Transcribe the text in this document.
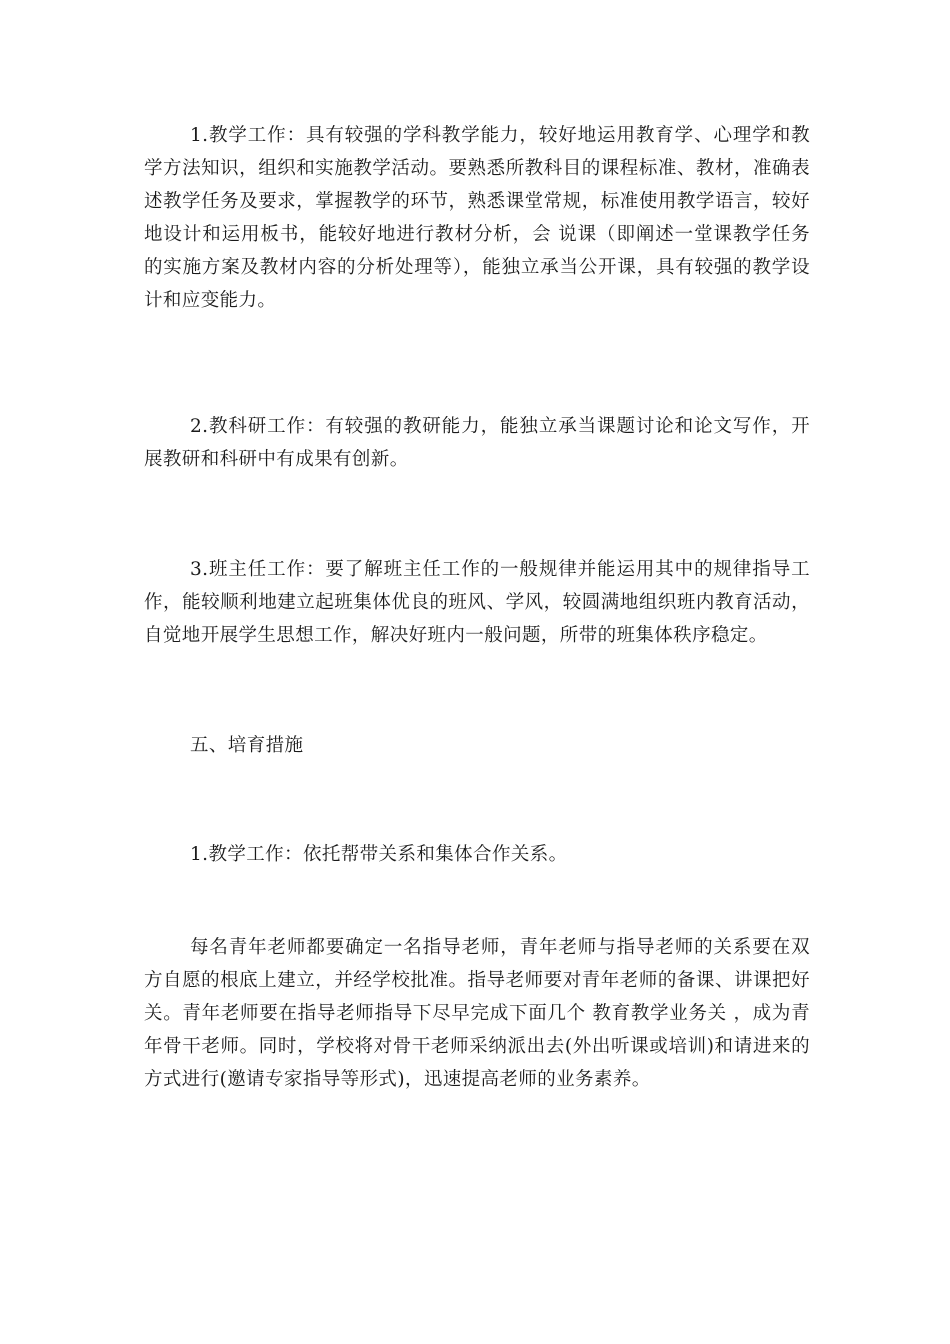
1.教学工作：具有较强的学科教学能力，较好地运用教育学、心理学和教学方法知识，组织和实施教学活动。要熟悉所教科目的课程标准、教材，准确表述教学任务及要求，掌握教学的环节，熟悉课堂常规，标准使用教学语言，较好地设计和运用板书，能较好地进行教材分析，会 说课（即阐述一堂课教学任务的实施方案及教材内容的分析处理等），能独立承当公开课，具有较强的教学设计和应变能力。

2.教科研工作：有较强的教研能力，能独立承当课题讨论和论文写作，开展教研和科研中有成果有创新。

3.班主任工作：要了解班主任工作的一般规律并能运用其中的规律指导工作，能较顺利地建立起班集体优良的班风、学风，较圆满地组织班内教育活动，自觉地开展学生思想工作，解决好班内一般问题，所带的班集体秩序稳定。

五、培育措施

1.教学工作：依托帮带关系和集体合作关系。

每名青年老师都要确定一名指导老师，青年老师与指导老师的关系要在双方自愿的根底上建立，并经学校批准。指导老师要对青年老师的备课、讲课把好关。青年老师要在指导老师指导下尽早完成下面几个 教育教学业务关 ，成为青年骨干老师。同时，学校将对骨干老师采纳派出去(外出听课或培训)和请进来的方式进行(邀请专家指导等形式)，迅速提高老师的业务素养。
